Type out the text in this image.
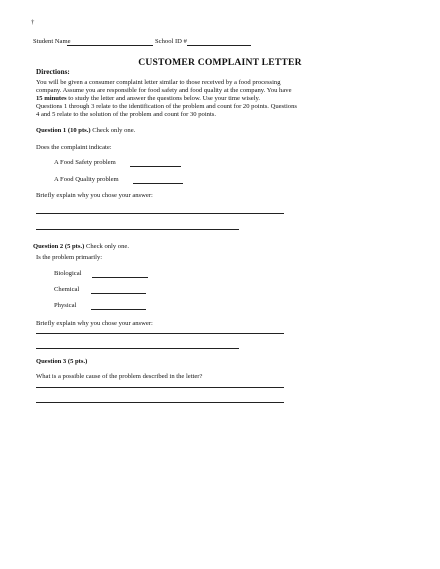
†
Student Name	School ID #
CUSTOMER COMPLAINT LETTER
Directions:
You will be given a consumer complaint letter similar to those received by a food processing
company. Assume you are responsible for food safety and food quality at the company. You have
15 minutes to study the letter and answer the questions below. Use your time wisely.
Questions 1 through 3 relate to the identification of the problem and count for 20 points. Questions
4 and 5 relate to the solution of the problem and count for 30 points.
Question 1 (10 pts.) Check only one.
Does the complaint indicate:
A Food Safety problem
A Food Quality problem
Briefly explain why you chose your answer:
Question 2 (5 pts.) Check only one.
Is the problem primarily:
Biological
Chemical
Physical
Briefly explain why you chose your answer:
Question 3 (5 pts.)
What is a possible cause of the problem described in the letter?
